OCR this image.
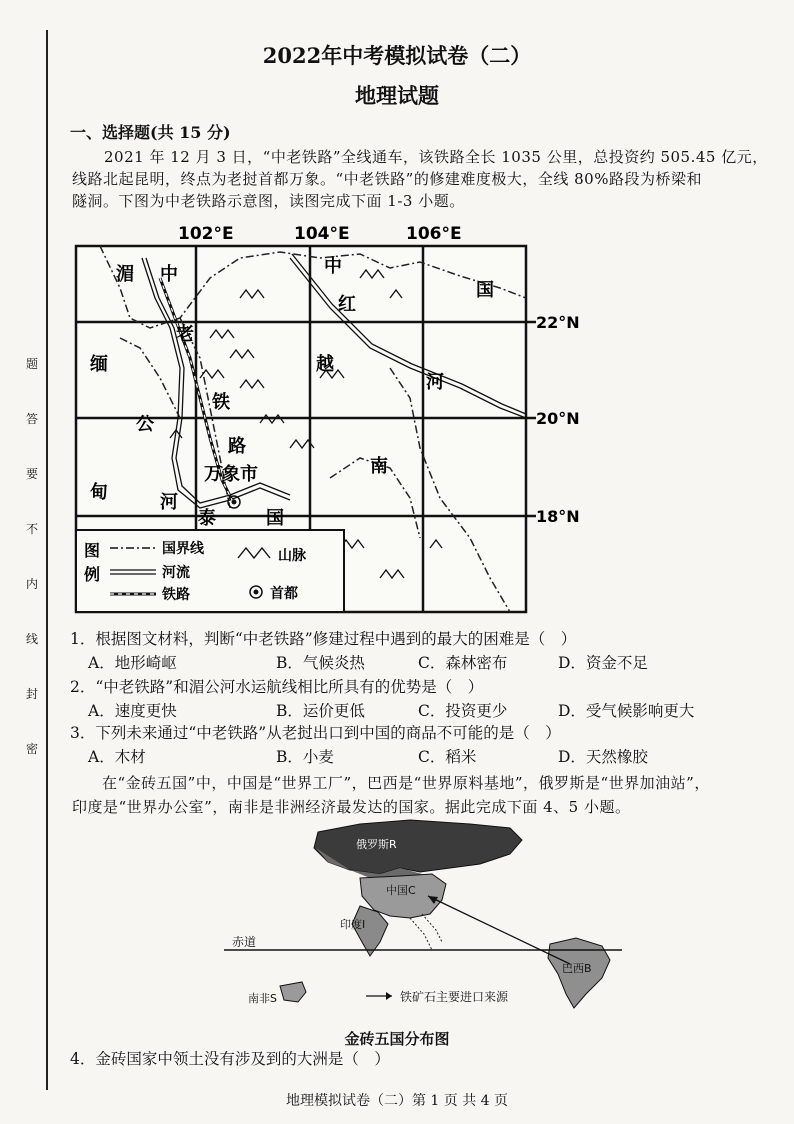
题
答
要
不
内
线
封
密
2022年中考模拟试卷（二）
地理试题
一、选择题(共 15 分)
2021 年 12 月 3 日，“中老铁路”全线通车，该铁路全长 1035 公里，总投资约 505.45 亿元，
线路北起昆明，终点为老挝首都万象。“中老铁路”的修建难度极大，全线 80%路段为桥梁和
隧洞。下图为中老铁路示意图，读图完成下面 1-3 小题。
102°E	104°E	106°E
22°N
20°N
18°N
湄 中
缅
公
甸	河
老
铁
路
万象市
泰	国
中
红
国
越
河
南
图
例
国界线	山脉
河流
铁路	首都
1．根据图文材料，判断“中老铁路”修建过程中遇到的最大的困难是（　）
A．地形崎岖	B．气候炎热	C．森林密布	D．资金不足
2．“中老铁路”和湄公河水运航线相比所具有的优势是（　）
A．速度更快	B．运价更低	C．投资更少	D．受气候影响更大
3．下列未来通过“中老铁路”从老挝出口到中国的商品不可能的是（　）
A．木材	B．小麦	C．稻米	D．天然橡胶
在“金砖五国”中，中国是“世界工厂”，巴西是“世界原料基地”，俄罗斯是“世界加油站”，
印度是“世界办公室”，南非是非洲经济最发达的国家。据此完成下面 4、5 小题。
俄罗斯R
中国C
印度I
赤道
巴西B
南非S	铁矿石主要进口来源
金砖五国分布图
4．金砖国家中领土没有涉及到的大洲是（　）
地理模拟试卷（二）第 1 页 共 4 页
